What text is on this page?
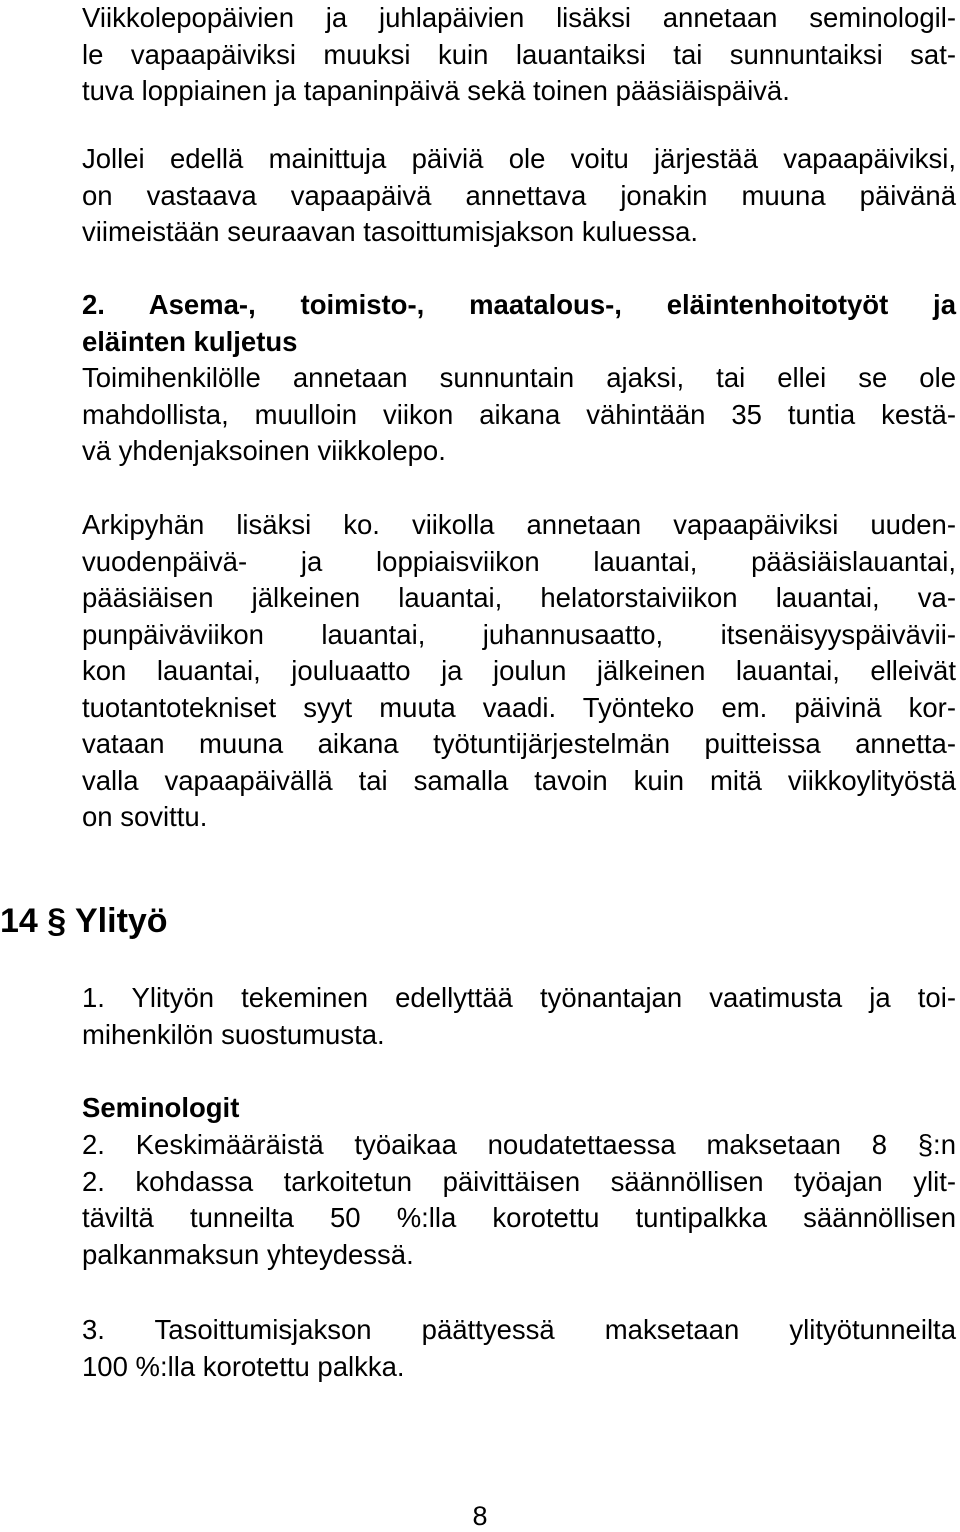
Viikkolepopäivien ja juhlapäivien lisäksi annetaan seminologil-
le vapaapäiviksi muuksi kuin lauantaiksi tai sunnuntaiksi sat-
tuva loppiainen ja tapaninpäivä sekä toinen pääsiäispäivä.
Jollei edellä mainittuja päiviä ole voitu järjestää vapaapäiviksi,
on vastaava vapaapäivä annettava jonakin muuna päivänä
viimeistään seuraavan tasoittumisjakson kuluessa.
2. Asema-, toimisto-, maatalous-, eläintenhoitotyöt ja
eläinten kuljetus
Toimihenkilölle annetaan sunnuntain ajaksi, tai ellei se ole
mahdollista, muulloin viikon aikana vähintään 35 tuntia kestä-
vä yhdenjaksoinen viikkolepo.
Arkipyhän lisäksi ko. viikolla annetaan vapaapäiviksi uuden-
vuodenpäivä- ja loppiaisviikon lauantai, pääsiäislauantai,
pääsiäisen jälkeinen lauantai, helatorstaiviikon lauantai, va-
punpäiväviikon lauantai, juhannusaatto, itsenäisyyspäivävii-
kon lauantai, jouluaatto ja joulun jälkeinen lauantai, elleivät
tuotantotekniset syyt muuta vaadi. Työnteko em. päivinä kor-
vataan muuna aikana työtuntijärjestelmän puitteissa annetta-
valla vapaapäivällä tai samalla tavoin kuin mitä viikkoylityöstä
on sovittu.
14 § Ylityö
1. Ylityön tekeminen edellyttää työnantajan vaatimusta ja toi-
mihenkilön suostumusta.
Seminologit
2. Keskimääräistä työaikaa noudatettaessa maksetaan 8 §:n
2. kohdassa tarkoitetun päivittäisen säännöllisen työajan ylit-
täviltä tunneilta 50 %:lla korotettu tuntipalkka säännöllisen
palkanmaksun yhteydessä.
3. Tasoittumisjakson päättyessä maksetaan ylityötunneilta
100 %:lla korotettu palkka.
8
